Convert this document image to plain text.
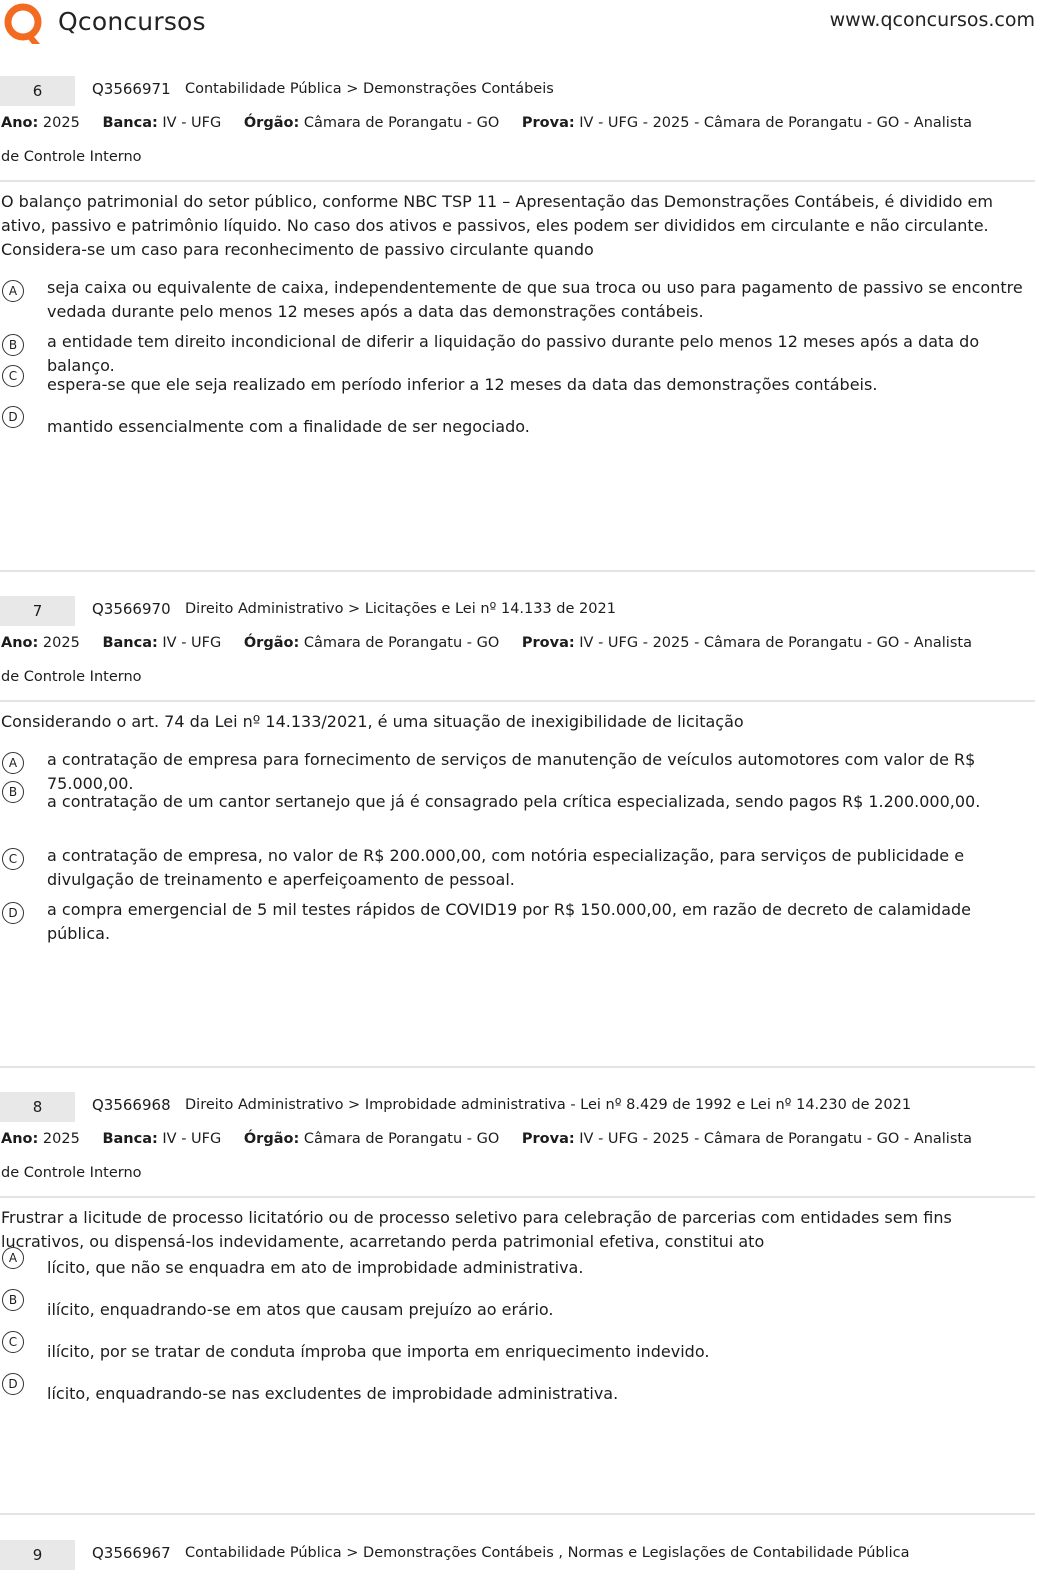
Qconcursos	www.qconcursos.com
6	Q3566971 Contabilidade Pública > Demonstrações Contábeis
Ano: 2025 Banca: IV - UFG Órgão: Câmara de Porangatu - GO Prova: IV - UFG - 2025 - Câmara de Porangatu - GO - Analista de Controle Interno
O balanço patrimonial do setor público, conforme NBC TSP 11 – Apresentação das Demonstrações Contábeis, é dividido em ativo, passivo e patrimônio líquido. No caso dos ativos e passivos, eles podem ser divididos em circulante e não circulante. Considera-se um caso para reconhecimento de passivo circulante quando
A	seja caixa ou equivalente de caixa, independentemente de que sua troca ou uso para pagamento de passivo se encontre vedada durante pelo menos 12 meses após a data das demonstrações contábeis.
B	a entidade tem direito incondicional de diferir a liquidação do passivo durante pelo menos 12 meses após a data do balanço.
C	espera-se que ele seja realizado em período inferior a 12 meses da data das demonstrações contábeis.
D	mantido essencialmente com a finalidade de ser negociado.
7	Q3566970 Direito Administrativo > Licitações e Lei nº 14.133 de 2021
Ano: 2025 Banca: IV - UFG Órgão: Câmara de Porangatu - GO Prova: IV - UFG - 2025 - Câmara de Porangatu - GO - Analista de Controle Interno
Considerando o art. 74 da Lei nº 14.133/2021, é uma situação de inexigibilidade de licitação
A	a contratação de empresa para fornecimento de serviços de manutenção de veículos automotores com valor de R$ 75.000,00.
B	a contratação de um cantor sertanejo que já é consagrado pela crítica especializada, sendo pagos R$ 1.200.000,00.
C	a contratação de empresa, no valor de R$ 200.000,00, com notória especialização, para serviços de publicidade e divulgação de treinamento e aperfeiçoamento de pessoal.
D	a compra emergencial de 5 mil testes rápidos de COVID19 por R$ 150.000,00, em razão de decreto de calamidade pública.
8	Q3566968 Direito Administrativo > Improbidade administrativa - Lei nº 8.429 de 1992 e Lei nº 14.230 de 2021
Ano: 2025 Banca: IV - UFG Órgão: Câmara de Porangatu - GO Prova: IV - UFG - 2025 - Câmara de Porangatu - GO - Analista de Controle Interno
Frustrar a licitude de processo licitatório ou de processo seletivo para celebração de parcerias com entidades sem fins lucrativos, ou dispensá-los indevidamente, acarretando perda patrimonial efetiva, constitui ato
A	lícito, que não se enquadra em ato de improbidade administrativa.
B	ilícito, enquadrando-se em atos que causam prejuízo ao erário.
C	ilícito, por se tratar de conduta ímproba que importa em enriquecimento indevido.
D	lícito, enquadrando-se nas excludentes de improbidade administrativa.
9	Q3566967 Contabilidade Pública > Demonstrações Contábeis , Normas e Legislações de Contabilidade Pública
